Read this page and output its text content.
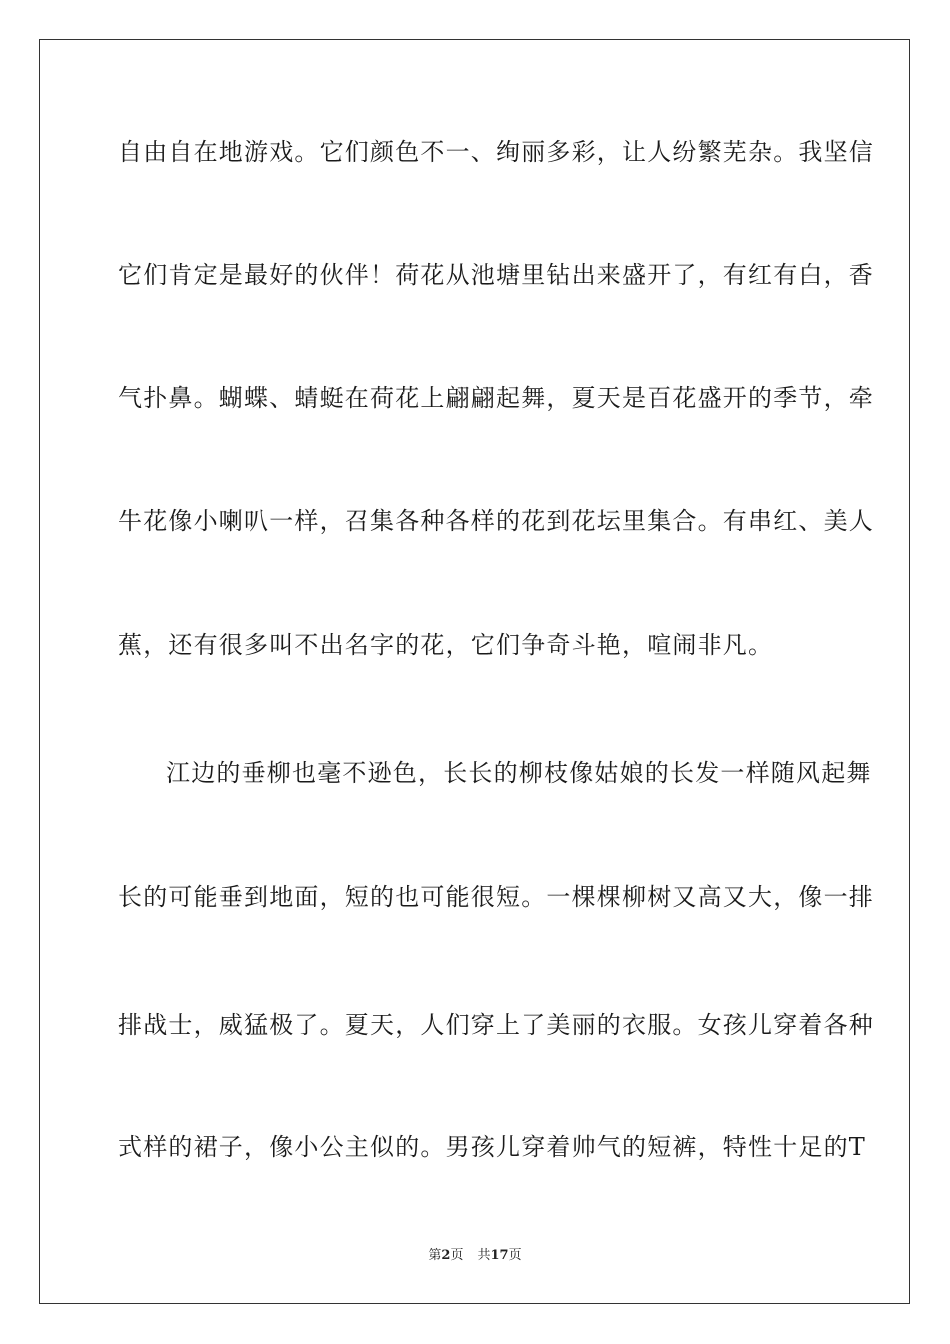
自由自在地游戏。它们颜色不一、绚丽多彩，让人纷繁芜杂。我坚信
它们肯定是最好的伙伴！荷花从池塘里钻出来盛开了，有红有白，香
气扑鼻。蝴蝶、蜻蜓在荷花上翩翩起舞，夏天是百花盛开的季节，牵
牛花像小喇叭一样，召集各种各样的花到花坛里集合。有串红、美人
蕉，还有很多叫不出名字的花，它们争奇斗艳，喧闹非凡。
江边的垂柳也毫不逊色，长长的柳枝像姑娘的长发一样随风起舞
长的可能垂到地面，短的也可能很短。一棵棵柳树又高又大，像一排
排战士，威猛极了。夏天，人们穿上了美丽的衣服。女孩儿穿着各种
式样的裙子，像小公主似的。男孩儿穿着帅气的短裤，特性十足的T
第2页 共17页
